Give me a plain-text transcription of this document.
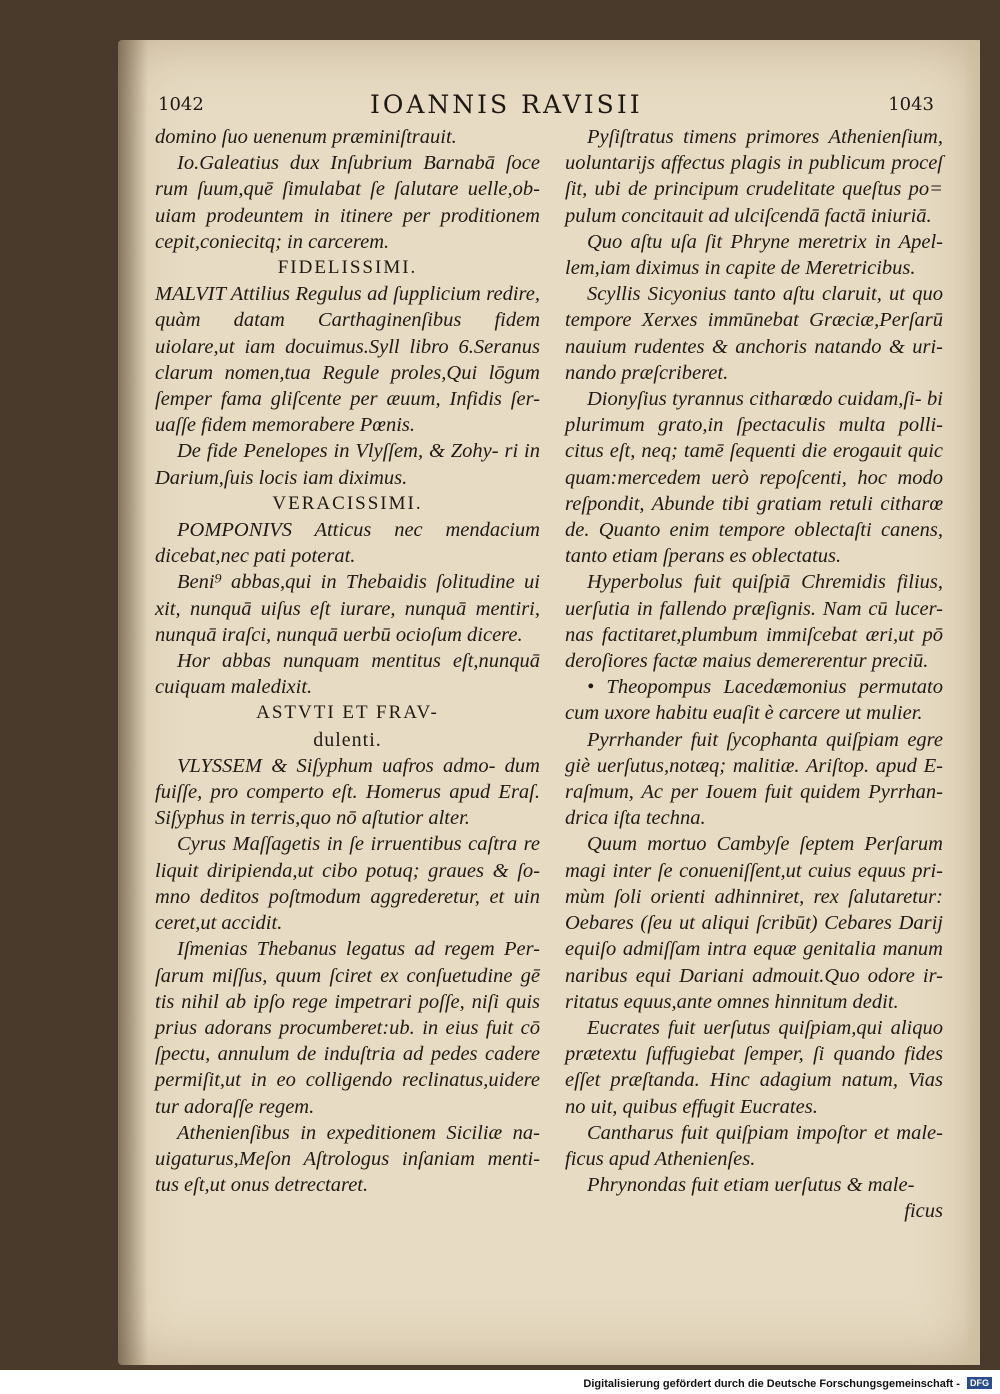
1042	IOANNIS RAVISII	1043

domino ſuo uenenum præminiſtrauit.

Io.Galeatius dux Inſubrium Barnabā ſoce rum ſuum,quē ſimulabat ſe ſalutare uelle,ob- uiam prodeuntem in itinere per proditionem cepit,coniecitq; in carcerem.

FIDELISSIMI.

MALVIT Attilius Regulus ad ſupplicium redire, quàm datam Carthaginenſibus fidem uiolare,ut iam docuimus.Syll libro 6.Seranus clarum nomen,tua Regule proles,Qui lōgum ſemper fama gliſcente per æuum, Infidis ſer- uaſſe fidem memorabere Pœnis.

De fide Penelopes in Vlyſſem, & Zohy- ri in Darium,ſuis locis iam diximus.

VERACISSIMI.

POMPONIVS Atticus nec mendacium dicebat,nec pati poterat.

Beni⁹ abbas,qui in Thebaidis ſolitudine ui xit, nunquā uiſus eſt iurare, nunquā mentiri, nunquā iraſci, nunquā uerbū ocioſum dicere.

Hor abbas nunquam mentitus eſt,nunquā cuiquam maledixit.

ASTVTI ET FRAV-
dulenti.

VLYSSEM & Siſyphum uafros admo- dum fuiſſe, pro comperto eſt. Homerus apud Eraſ. Siſyphus in terris,quo nō aſtutior alter.

Cyrus Maſſagetis in ſe irruentibus caſtra re liquit diripienda,ut cibo potuq; graues & ſo- mno deditos poſtmodum aggrederetur, et uin ceret,ut accidit.

Iſmenias Thebanus legatus ad regem Per- ſarum miſſus, quum ſciret ex conſuetudine gē tis nihil ab ipſo rege impetrari poſſe, niſi quis prius adorans procumberet:ub. in eius fuit cō ſpectu, annulum de induſtria ad pedes cadere permiſit,ut in eo colligendo reclinatus,uidere tur adoraſſe regem.

Athenienſibus in expeditionem Siciliæ na- uigaturus,Meſon Aſtrologus inſaniam menti- tus eſt,ut onus detrectaret.

Pyſiſtratus timens primores Athenienſium, uoluntarijs affectus plagis in publicum proceſ ſit, ubi de principum crudelitate queſtus po= pulum concitauit ad ulciſcendā factā iniuriā.

Quo aſtu uſa ſit Phryne meretrix in Apel- lem,iam diximus in capite de Meretricibus.

Scyllis Sicyonius tanto aſtu claruit, ut quo tempore Xerxes immūnebat Græciæ,Perſarū nauium rudentes & anchoris natando & uri- nando præſcriberet.

Dionyſius tyrannus citharœdo cuidam,ſi- bi plurimum grato,in ſpectaculis multa polli- citus eſt, neq; tamē ſequenti die erogauit quic quam:mercedem uerò repoſcenti, hoc modo reſpondit, Abunde tibi gratiam retuli citharœ de. Quanto enim tempore oblectaſti canens, tanto etiam ſperans es oblectatus.

Hyperbolus fuit quiſpiā Chremidis filius, uerſutia in fallendo præſignis. Nam cū lucer- nas factitaret,plumbum immiſcebat æri,ut pō deroſiores factæ maius demererentur preciū.

• Theopompus Lacedæmonius permutato cum uxore habitu euaſit è carcere ut mulier.

Pyrrhander fuit ſycophanta quiſpiam egre giè uerſutus,notæq; malitiæ. Ariſtop. apud E- raſmum, Ac per Iouem fuit quidem Pyrrhan- drica iſta techna.

Quum mortuo Cambyſe ſeptem Perſarum magi inter ſe conueniſſent,ut cuius equus pri- mùm ſoli orienti adhinniret, rex ſalutaretur: Oebares (ſeu ut aliqui ſcribūt) Cebares Darij equiſo admiſſam intra equæ genitalia manum naribus equi Dariani admouit.Quo odore ir- ritatus equus,ante omnes hinnitum dedit.

Eucrates fuit uerſutus quiſpiam,qui aliquo prætextu ſuffugiebat ſemper, ſi quando fides eſſet præſtanda. Hinc adagium natum, Vias no uit, quibus effugit Eucrates.

Cantharus fuit quiſpiam impoſtor et male- ficus apud Athenienſes.

Phrynondas fuit etiam uerſutus & male-

ficus

Digitalisierung gefördert durch die Deutsche Forschungsgemeinschaft - DFG
